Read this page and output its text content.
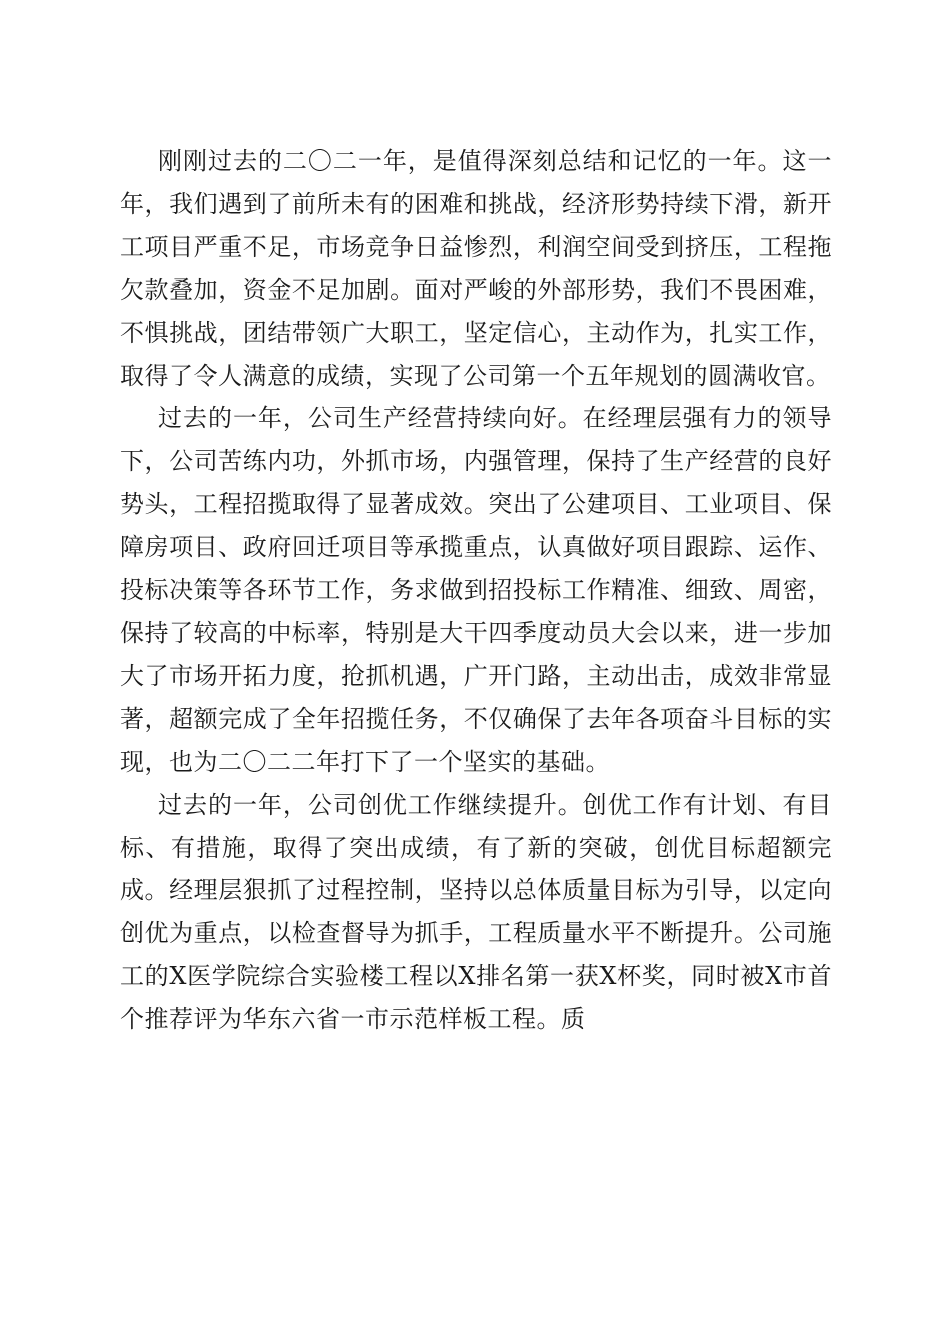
刚刚过去的二〇二一年，是值得深刻总结和记忆的一年。这一年，我们遇到了前所未有的困难和挑战，经济形势持续下滑，新开工项目严重不足，市场竞争日益惨烈，利润空间受到挤压，工程拖欠款叠加，资金不足加剧。面对严峻的外部形势，我们不畏困难，不惧挑战，团结带领广大职工，坚定信心，主动作为，扎实工作，取得了令人满意的成绩，实现了公司第一个五年规划的圆满收官。

过去的一年，公司生产经营持续向好。在经理层强有力的领导下，公司苦练内功，外抓市场，内强管理，保持了生产经营的良好势头，工程招揽取得了显著成效。突出了公建项目、工业项目、保障房项目、政府回迁项目等承揽重点，认真做好项目跟踪、运作、投标决策等各环节工作，务求做到招投标工作精准、细致、周密，保持了较高的中标率，特别是大干四季度动员大会以来，进一步加大了市场开拓力度，抢抓机遇，广开门路，主动出击，成效非常显著，超额完成了全年招揽任务，不仅确保了去年各项奋斗目标的实现，也为二〇二二年打下了一个坚实的基础。

过去的一年，公司创优工作继续提升。创优工作有计划、有目标、有措施，取得了突出成绩，有了新的突破，创优目标超额完成。经理层狠抓了过程控制，坚持以总体质量目标为引导，以定向创优为重点，以检查督导为抓手，工程质量水平不断提升。公司施工的X医学院综合实验楼工程以X排名第一获X杯奖，同时被X市首个推荐评为华东六省一市示范样板工程。质
